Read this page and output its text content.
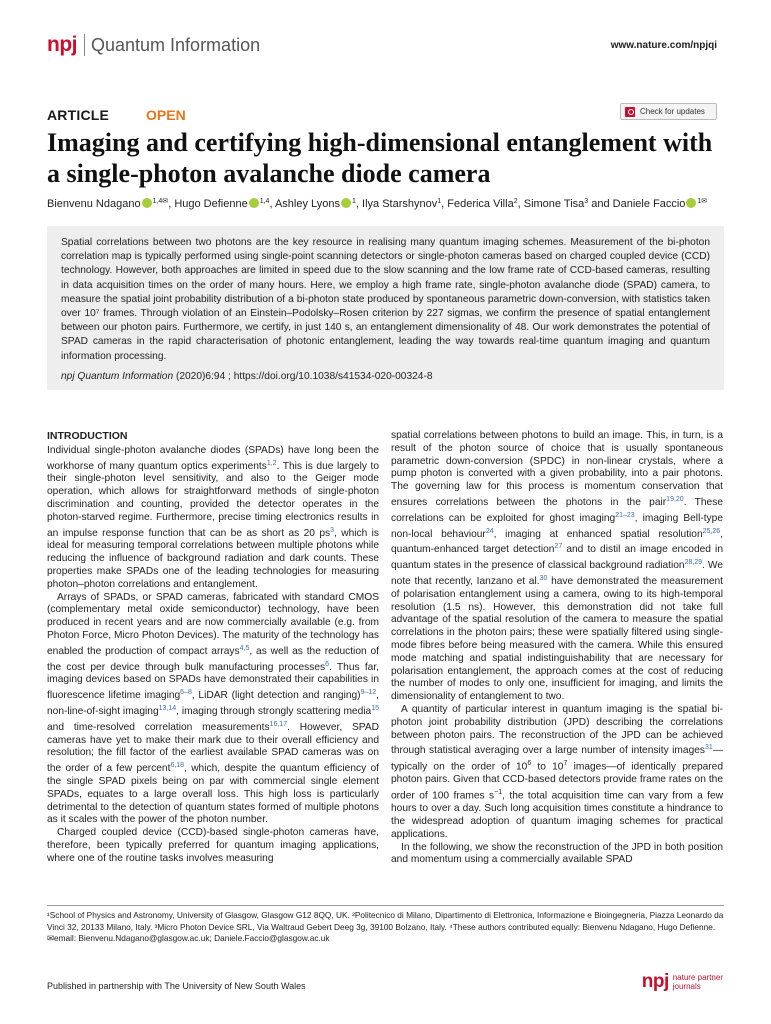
npj Quantum Information	www.nature.com/npjqi
ARTICLE	OPEN	Check for updates
Imaging and certifying high-dimensional entanglement with a single-photon avalanche diode camera
Bienvenu Ndagano $^{1,4✉}$, Hugo Defienne $^{1,4}$, Ashley Lyons $^1$, Ilya Starshynov$^1$, Federica Villa$^2$, Simone Tisa$^3$ and Daniele Faccio $^{1✉}$

Spatial correlations between two photons are the key resource in realising many quantum imaging schemes. Measurement of the bi-photon correlation map is typically performed using single-point scanning detectors or single-photon cameras based on charged coupled device (CCD) technology. However, both approaches are limited in speed due to the slow scanning and the low frame rate of CCD-based cameras, resulting in data acquisition times on the order of many hours. Here, we employ a high frame rate, single-photon avalanche diode (SPAD) camera, to measure the spatial joint probability distribution of a bi-photon state produced by spontaneous parametric down-conversion, with statistics taken over 10⁷ frames. Through violation of an Einstein–Podolsky–Rosen criterion by 227 sigmas, we confirm the presence of spatial entanglement between our photon pairs. Furthermore, we certify, in just 140 s, an entanglement dimensionality of 48. Our work demonstrates the potential of SPAD cameras in the rapid characterisation of photonic entanglement, leading the way towards real-time quantum imaging and quantum information processing.

npj Quantum Information (2020)6:94 ; https://doi.org/10.1038/s41534-020-00324-8

INTRODUCTION

Individual single-photon avalanche diodes (SPADs) have long been the workhorse of many quantum optics experiments$^{1,2}$. This is due largely to their single-photon level sensitivity, and also to the Geiger mode operation, which allows for straightforward methods of single-photon discrimination and counting, provided the detector operates in the photon-starved regime. Furthermore, precise timing electronics results in an impulse response function that can be as short as 20 ps$^3$, which is ideal for measuring temporal correlations between multiple photons while reducing the influence of background radiation and dark counts. These properties make SPADs one of the leading technologies for measuring photon–photon correlations and entanglement.

Arrays of SPADs, or SPAD cameras, fabricated with standard CMOS (complementary metal oxide semiconductor) technology, have been produced in recent years and are now commercially available (e.g. from Photon Force, Micro Photon Devices). The maturity of the technology has enabled the production of compact arrays$^{4,5}$, as well as the reduction of the cost per device through bulk manufacturing processes$^6$. Thus far, imaging devices based on SPADs have demonstrated their capabilities in fluorescence lifetime imaging$^{6-8}$, LiDAR (light detection and ranging)$^{9-12}$, non-line-of-sight imaging$^{13,14}$, imaging through strongly scattering media$^{15}$ and time-resolved correlation measurements$^{16,17}$. However, SPAD cameras have yet to make their mark due to their overall efficiency and resolution; the fill factor of the earliest available SPAD cameras was on the order of a few percent$^{6,18}$, which, despite the quantum efficiency of the single SPAD pixels being on par with commercial single element SPADs, equates to a large overall loss. This high loss is particularly detrimental to the detection of quantum states formed of multiple photons as it scales with the power of the photon number.

Charged coupled device (CCD)-based single-photon cameras have, therefore, been typically preferred for quantum imaging applications, where one of the routine tasks involves measuring

spatial correlations between photons to build an image. This, in turn, is a result of the photon source of choice that is usually spontaneous parametric down-conversion (SPDC) in non-linear crystals, where a pump photon is converted with a given probability, into a pair photons. The governing law for this process is momentum conservation that ensures correlations between the photons in the pair$^{19,20}$. These correlations can be exploited for ghost imaging$^{21-23}$, imaging Bell-type non-local behaviour$^{24}$, imaging at enhanced spatial resolution$^{25,26}$, quantum-enhanced target detection$^{27}$ and to distil an image encoded in quantum states in the presence of classical background radiation$^{28,29}$. We note that recently, Ianzano et al.$^{30}$ have demonstrated the measurement of polarisation entanglement using a camera, owing to its high-temporal resolution (1.5 ns). However, this demonstration did not take full advantage of the spatial resolution of the camera to measure the spatial correlations in the photon pairs; these were spatially filtered using single-mode fibres before being measured with the camera. While this ensured mode matching and spatial indistinguishability that are necessary for polarisation entanglement, the approach comes at the cost of reducing the number of modes to only one, insufficient for imaging, and limits the dimensionality of entanglement to two.

A quantity of particular interest in quantum imaging is the spatial bi-photon joint probability distribution (JPD) describing the correlations between photon pairs. The reconstruction of the JPD can be achieved through statistical averaging over a large number of intensity images$^{31}$—typically on the order of $10^6$ to $10^7$ images—of identically prepared photon pairs. Given that CCD-based detectors provide frame rates on the order of 100 frames $s^{-1}$, the total acquisition time can vary from a few hours to over a day. Such long acquisition times constitute a hindrance to the widespread adoption of quantum imaging schemes for practical applications.

In the following, we show the reconstruction of the JPD in both position and momentum using a commercially available SPAD

¹School of Physics and Astronomy, University of Glasgow, Glasgow G12 8QQ, UK. ²Politecnico di Milano, Dipartimento di Elettronica, Informazione e Bioingegneria, Piazza Leonardo da Vinci 32, 20133 Milano, Italy. ³Micro Photon Device SRL, Via Waltraud Gebert Deeg 3g, 39100 Bolzano, Italy. ⁴These authors contributed equally: Bienvenu Ndagano, Hugo Defienne. ✉email: Bienvenu.Ndagano@glasgow.ac.uk; Daniele.Faccio@glasgow.ac.uk
Published in partnership with The University of New South Wales	npj nature partner
journals
